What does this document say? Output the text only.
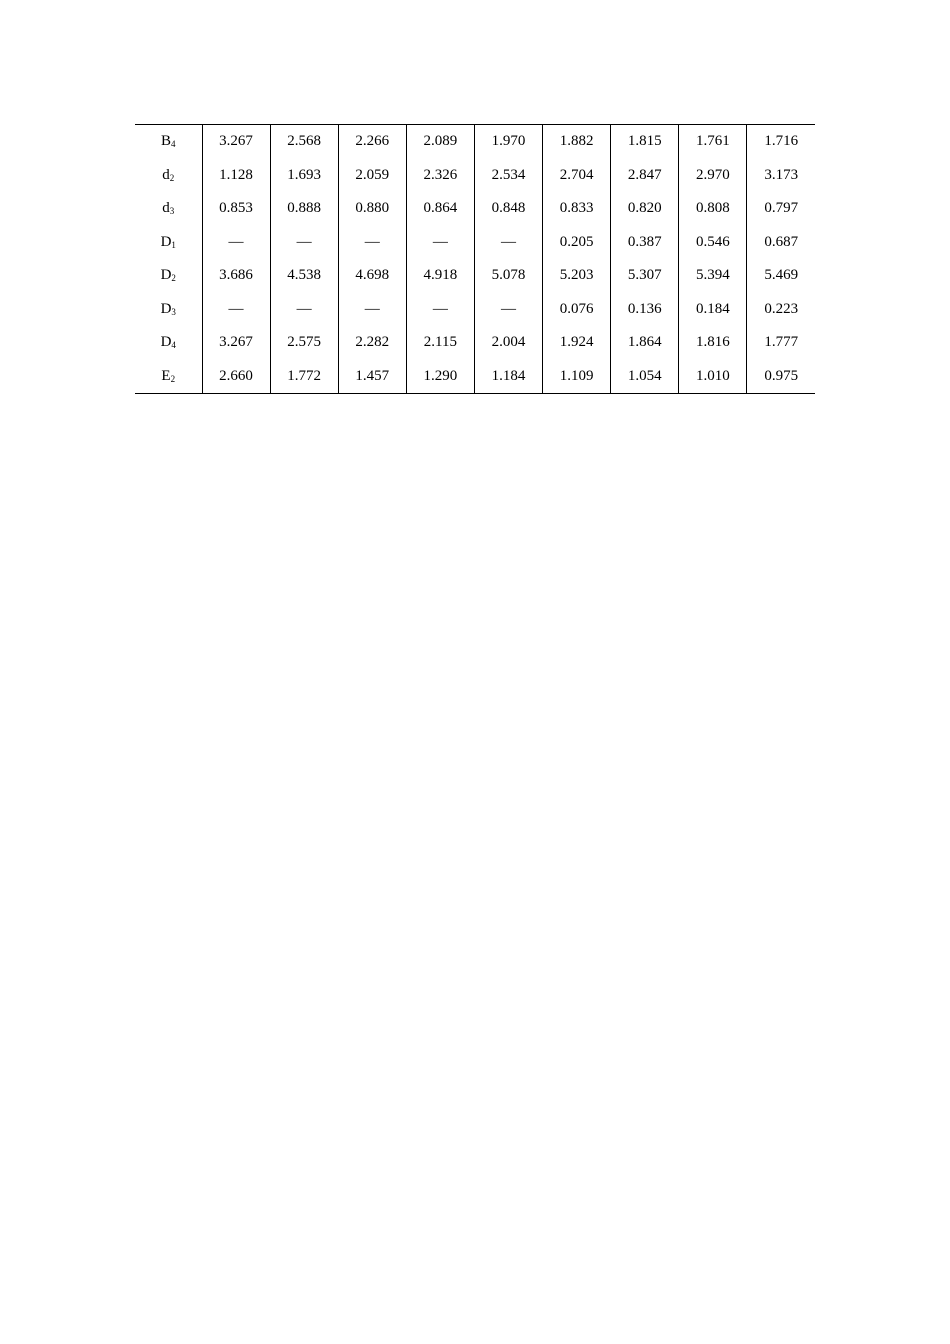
$B_4$	3.267	2.568	2.266	2.089	1.970	1.882	1.815	1.761	1.716
$d_2$	1.128	1.693	2.059	2.326	2.534	2.704	2.847	2.970	3.173
$d_3$	0.853	0.888	0.880	0.864	0.848	0.833	0.820	0.808	0.797
$D_1$	—	—	—	—	—	0.205	0.387	0.546	0.687
$D_2$	3.686	4.538	4.698	4.918	5.078	5.203	5.307	5.394	5.469
$D_3$	—	—	—	—	—	0.076	0.136	0.184	0.223
$D_4$	3.267	2.575	2.282	2.115	2.004	1.924	1.864	1.816	1.777
$E_2$	2.660	1.772	1.457	1.290	1.184	1.109	1.054	1.010	0.975
